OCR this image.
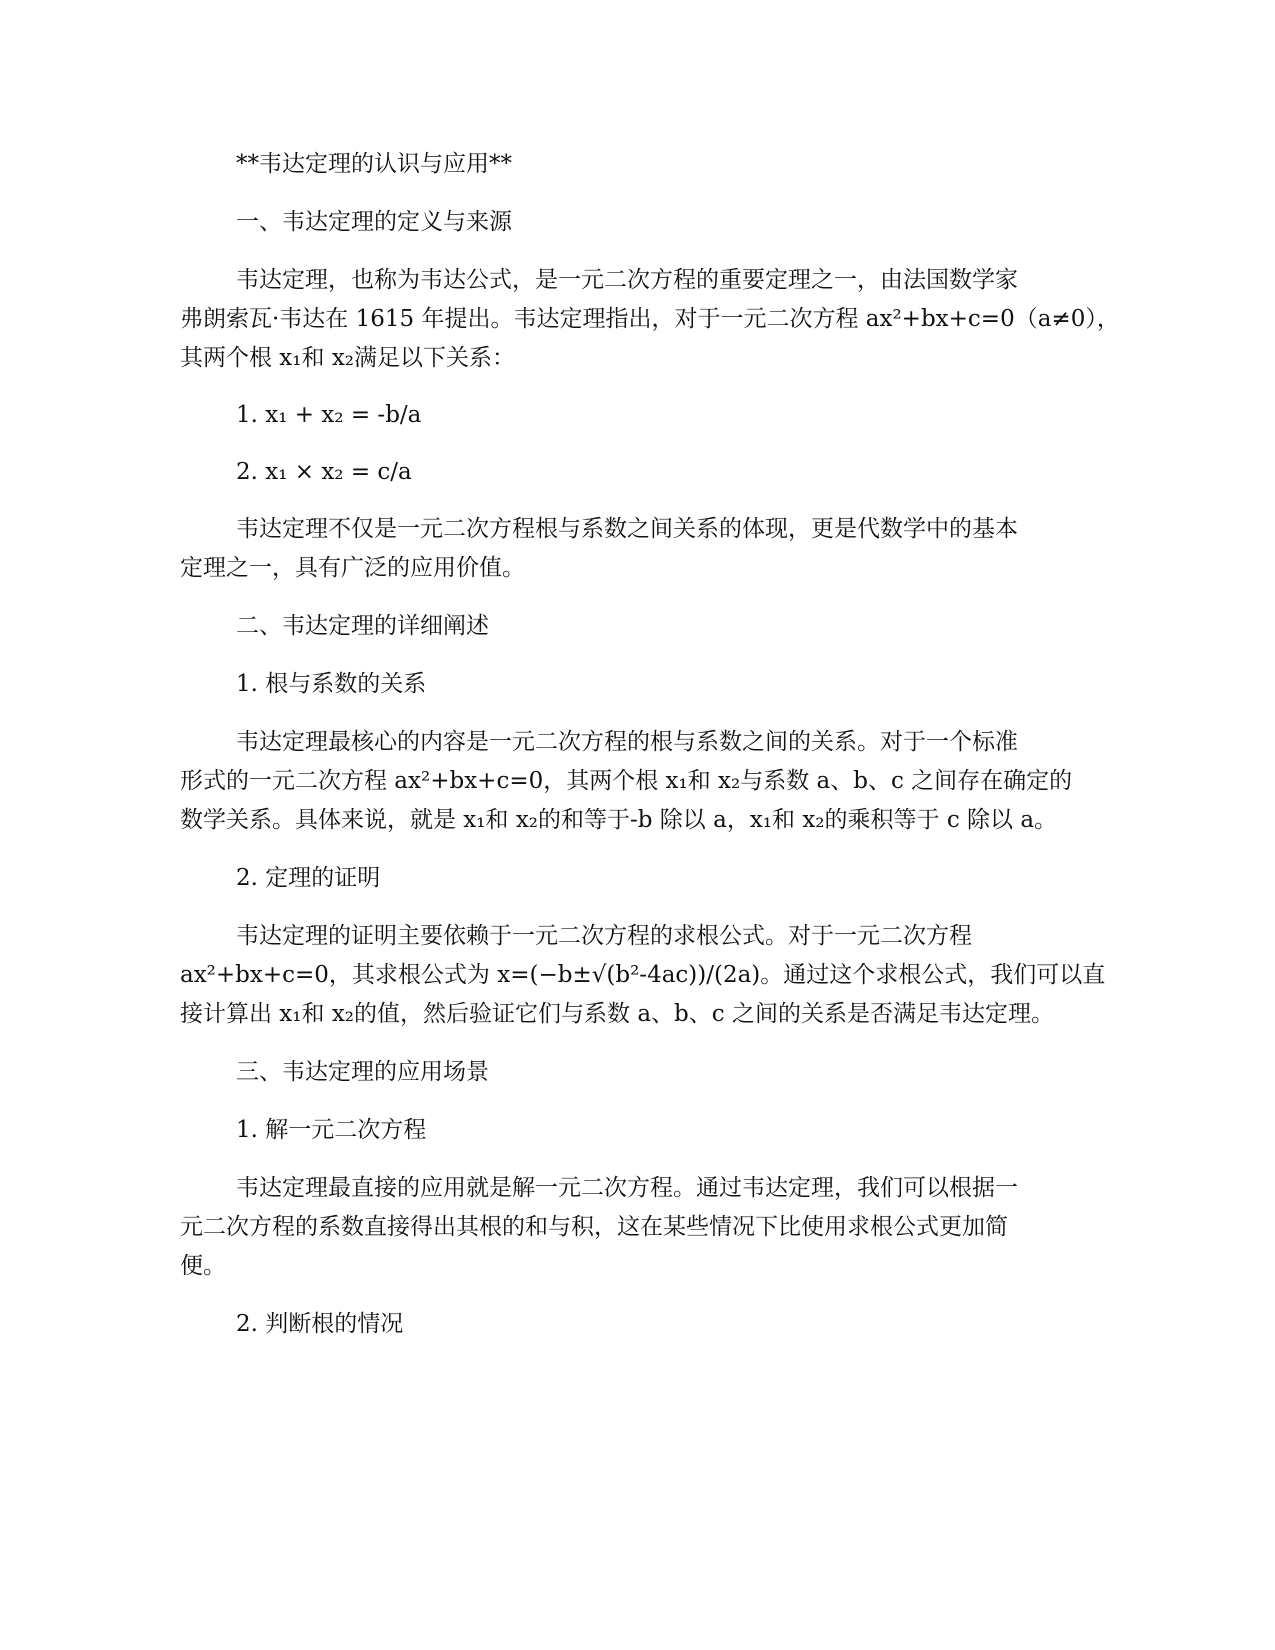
**韦达定理的认识与应用**

一、韦达定理的定义与来源

韦达定理，也称为韦达公式，是一元二次方程的重要定理之一，由法国数学家
弗朗索瓦·韦达在 1615 年提出。韦达定理指出，对于一元二次方程 ax²+bx+c=0（a≠0），
其两个根 x₁和 x₂满足以下关系：

1. x₁ + x₂ = -b/a

2. x₁ × x₂ = c/a

韦达定理不仅是一元二次方程根与系数之间关系的体现，更是代数学中的基本
定理之一，具有广泛的应用价值。

二、韦达定理的详细阐述

1. 根与系数的关系

韦达定理最核心的内容是一元二次方程的根与系数之间的关系。对于一个标准
形式的一元二次方程 ax²+bx+c=0，其两个根 x₁和 x₂与系数 a、b、c 之间存在确定的
数学关系。具体来说，就是 x₁和 x₂的和等于-b 除以 a，x₁和 x₂的乘积等于 c 除以 a。

2. 定理的证明

韦达定理的证明主要依赖于一元二次方程的求根公式。对于一元二次方程
ax²+bx+c=0，其求根公式为 x=(−b±√(b²-4ac))/(2a)。通过这个求根公式，我们可以直
接计算出 x₁和 x₂的值，然后验证它们与系数 a、b、c 之间的关系是否满足韦达定理。

三、韦达定理的应用场景

1. 解一元二次方程

韦达定理最直接的应用就是解一元二次方程。通过韦达定理，我们可以根据一
元二次方程的系数直接得出其根的和与积，这在某些情况下比使用求根公式更加简
便。

2. 判断根的情况
